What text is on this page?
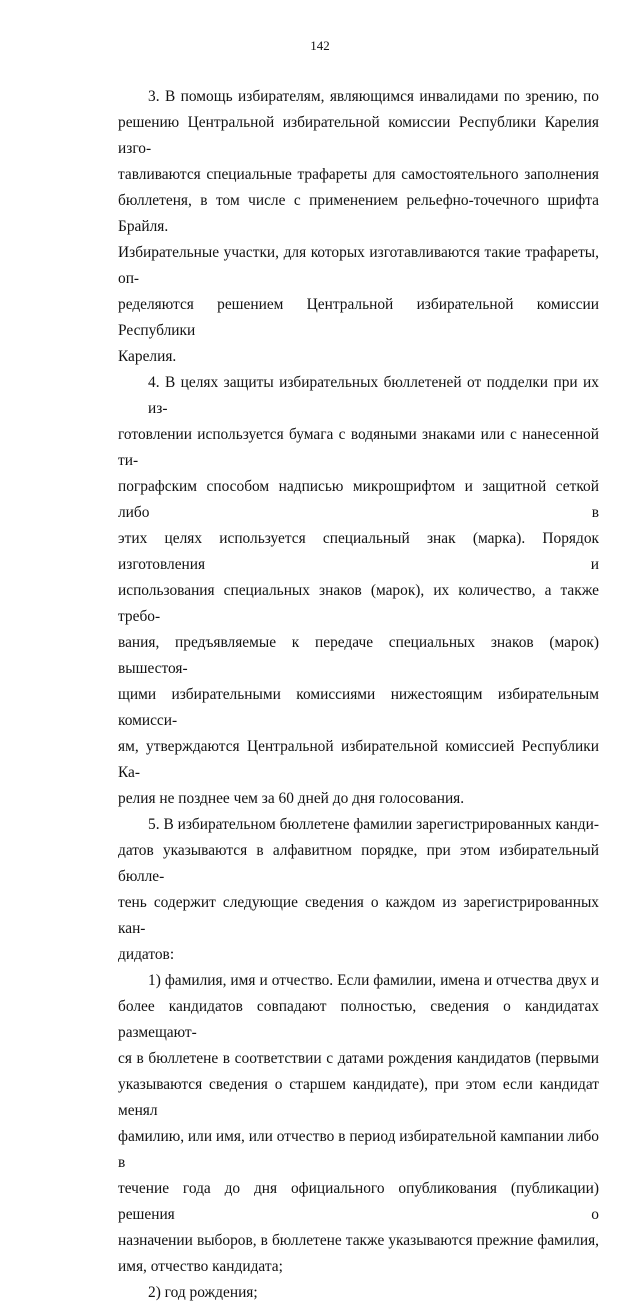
142

3. В помощь избирателям, являющимся инвалидами по зрению, по
решению Центральной избирательной комиссии Республики Карелия изго-
тавливаются специальные трафареты для самостоятельного заполнения
бюллетеня, в том числе с применением рельефно-точечного шрифта Брайля.
Избирательные участки, для которых изготавливаются такие трафареты, оп-
ределяются решением Центральной избирательной комиссии Республики
Карелия.

4. В целях защиты избирательных бюллетеней от подделки при их из-
готовлении используется бумага с водяными знаками или с нанесенной ти-
пографским способом надписью микрошрифтом и защитной сеткой либо в
этих целях используется специальный знак (марка). Порядок изготовления и
использования специальных знаков (марок), их количество, а также требо-
вания, предъявляемые к передаче специальных знаков (марок) вышестоя-
щими избирательными комиссиями нижестоящим избирательным комисси-
ям, утверждаются Центральной избирательной комиссией Республики Ка-
релия не позднее чем за 60 дней до дня голосования.

5. В избирательном бюллетене фамилии зарегистрированных канди-
датов указываются в алфавитном порядке, при этом избирательный бюлле-
тень содержит следующие сведения о каждом из зарегистрированных кан-
дидатов:

1) фамилия, имя и отчество. Если фамилии, имена и отчества двух и
более кандидатов совпадают полностью, сведения о кандидатах размещают-
ся в бюллетене в соответствии с датами рождения кандидатов (первыми
указываются сведения о старшем кандидате), при этом если кандидат менял
фамилию, или имя, или отчество в период избирательной кампании либо в
течение года до дня официального опубликования (публикации) решения о
назначении выборов, в бюллетене также указываются прежние фамилия,
имя, отчество кандидата;

2) год рождения;
